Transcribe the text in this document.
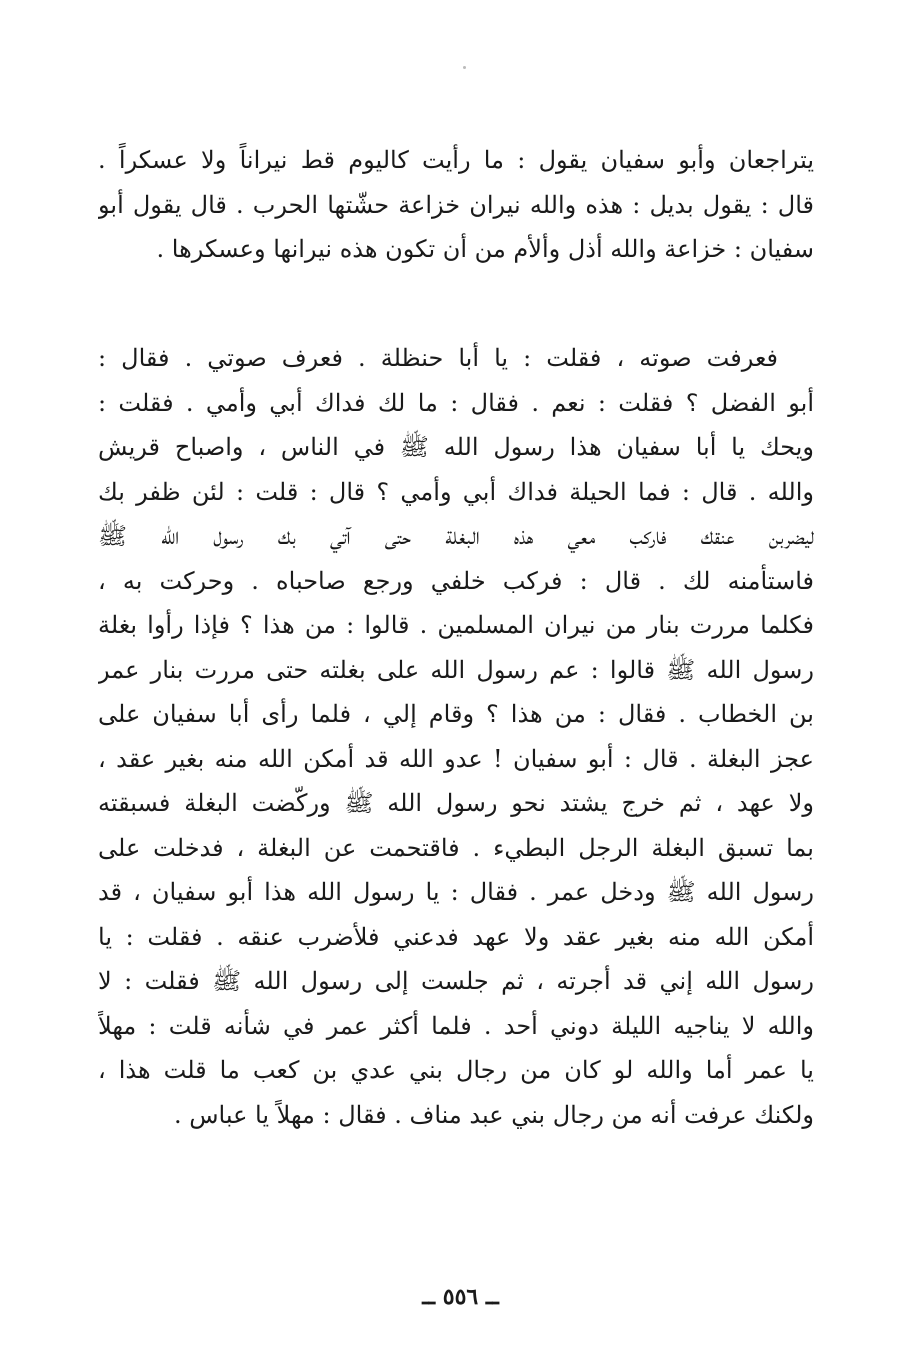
يتراجعان وأبو سفيان يقول : ما رأيت كاليوم قط نيراناً ولا عسكراً .
قال : يقول بديل : هذه والله نيران خزاعة حشّتها الحرب . قال يقول أبو
سفيان : خزاعة والله أذل وألأم من أن تكون هذه نيرانها وعسكرها .
فعرفت صوته ، فقلت : يا أبا حنظلة . فعرف صوتي . فقال :
أبو الفضل ؟ فقلت : نعم . فقال : ما لك فداك أبي وأمي . فقلت :
ويحك يا أبا سفيان هذا رسول الله ﷺ في الناس ، واصباح قريش
والله . قال : فما الحيلة فداك أبي وأمي ؟ قال : قلت : لئن ظفر بك
ليضربن عنقك فاركب معي هذه البغلة حتى آتي بك رسول الله ﷺ
فاستأمنه لك . قال : فركب خلفي ورجع صاحباه . وحركت به ،
فكلما مررت بنار من نيران المسلمين . قالوا : من هذا ؟ فإذا رأوا بغلة
رسول الله ﷺ قالوا : عم رسول الله على بغلته حتى مررت بنار عمر
بن الخطاب . فقال : من هذا ؟ وقام إلي ، فلما رأى أبا سفيان على
عجز البغلة . قال : أبو سفيان ! عدو الله قد أمكن الله منه بغير عقد ،
ولا عهد ، ثم خرج يشتد نحو رسول الله ﷺ وركّضت البغلة فسبقته
بما تسبق البغلة الرجل البطيء . فاقتحمت عن البغلة ، فدخلت على
رسول الله ﷺ ودخل عمر . فقال : يا رسول الله هذا أبو سفيان ، قد
أمكن الله منه بغير عقد ولا عهد فدعني فلأضرب عنقه . فقلت : يا
رسول الله إني قد أجرته ، ثم جلست إلى رسول الله ﷺ فقلت : لا
والله لا يناجيه الليلة دوني أحد . فلما أكثر عمر في شأنه قلت : مهلاً
يا عمر أما والله لو كان من رجال بني عدي بن كعب ما قلت هذا ،
ولكنك عرفت أنه من رجال بني عبد مناف . فقال : مهلاً يا عباس .
ــ ٥٥٦ ــ
